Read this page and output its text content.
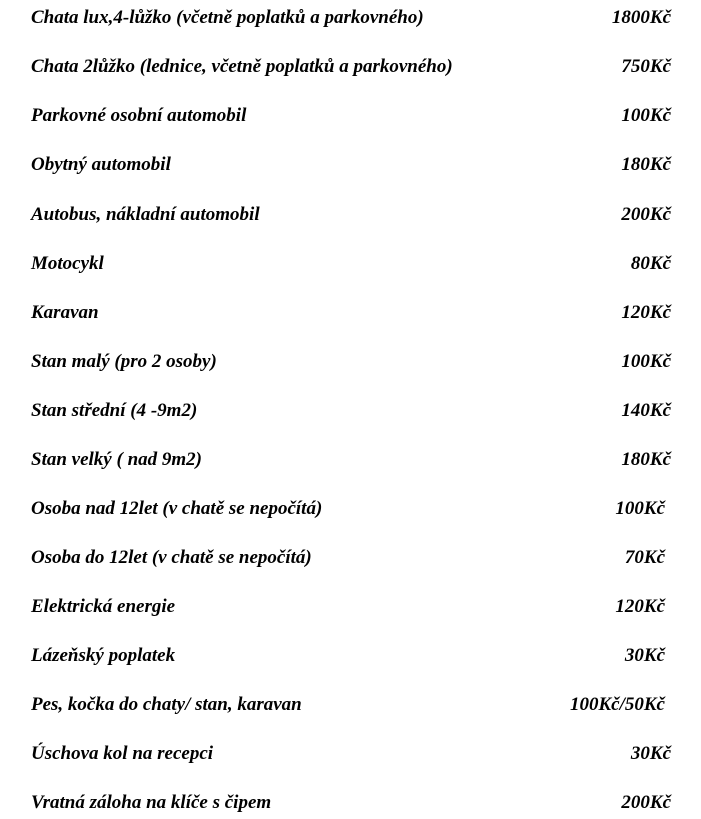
Chata lux,4-lůžko (včetně poplatků a parkovného)	1800Kč
Chata 2lůžko (lednice, včetně poplatků a parkovného)	750Kč
Parkovné osobní automobil	100Kč
Obytný automobil	180Kč
Autobus, nákladní automobil	200Kč
Motocykl	80Kč
Karavan	120Kč
Stan malý (pro 2 osoby)	100Kč
Stan střední (4 -9m2)	140Kč
Stan velký ( nad 9m2)	180Kč
Osoba nad 12let (v chatě se nepočítá)	100Kč
Osoba do 12let (v chatě se nepočítá)	70Kč
Elektrická energie	120Kč
Lázeňský poplatek	30Kč
Pes, kočka do chaty/ stan, karavan	100Kč/50Kč
Úschova kol na recepci	30Kč
Vratná záloha na klíče s čipem	200Kč
